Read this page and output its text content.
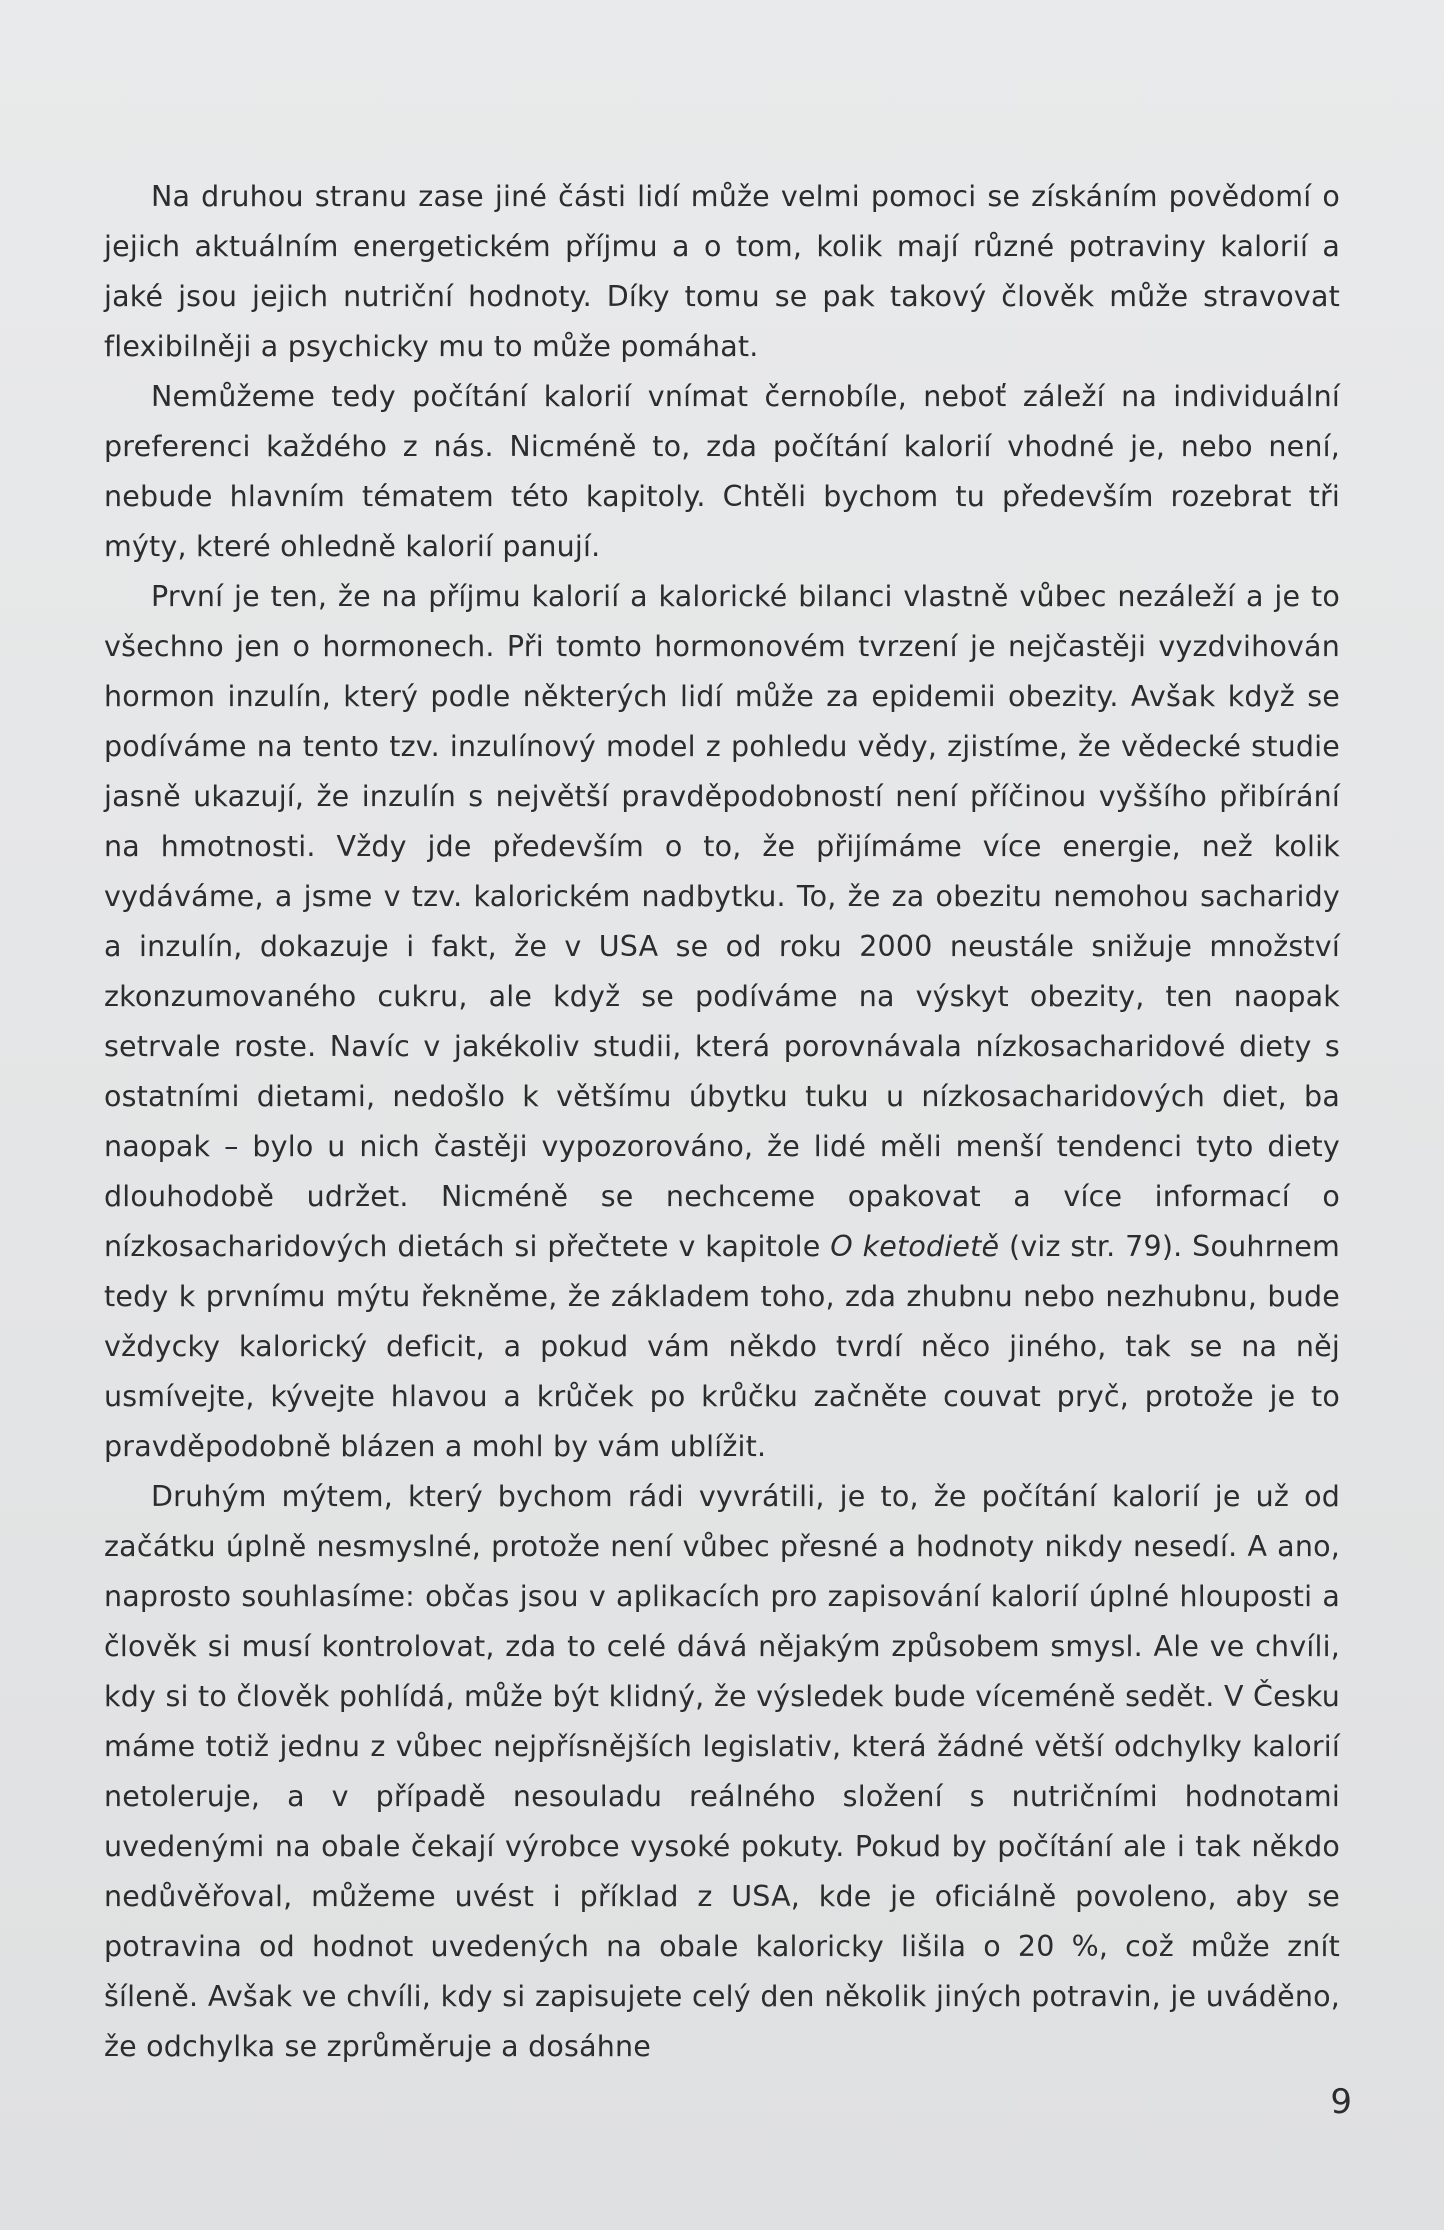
Na druhou stranu zase jiné části lidí může velmi pomoci se získáním povědomí o jejich aktuálním energetickém příjmu a o tom, kolik mají různé potraviny kalorií a jaké jsou jejich nutriční hodnoty. Díky tomu se pak takový člověk může stravovat flexibilněji a psychicky mu to může pomáhat.

Nemůžeme tedy počítání kalorií vnímat černobíle, neboť záleží na individuální preferenci každého z nás. Nicméně to, zda počítání kalorií vhodné je, nebo není, nebude hlavním tématem této kapitoly. Chtěli bychom tu především rozebrat tři mýty, které ohledně kalorií panují.

První je ten, že na příjmu kalorií a kalorické bilanci vlastně vůbec nezáleží a je to všechno jen o hormonech. Při tomto hormonovém tvrzení je nejčastěji vyzdvihován hormon inzulín, který podle některých lidí může za epidemii obezity. Avšak když se podíváme na tento tzv. inzulínový model z pohledu vědy, zjistíme, že vědecké studie jasně ukazují, že inzulín s největší pravděpodobností není příčinou vyššího přibírání na hmotnosti. Vždy jde především o to, že přijímáme více energie, než kolik vydáváme, a jsme v tzv. kalorickém nadbytku. To, že za obezitu nemohou sacharidy a inzulín, dokazuje i fakt, že v USA se od roku 2000 neustále snižuje množství zkonzumovaného cukru, ale když se podíváme na výskyt obezity, ten naopak setrvale roste. Navíc v jakékoliv studii, která porovnávala nízkosacharidové diety s ostatními dietami, nedošlo k většímu úbytku tuku u nízkosacharidových diet, ba naopak – bylo u nich častěji vypozorováno, že lidé měli menší tendenci tyto diety dlouhodobě udržet. Nicméně se nechceme opakovat a více informací o nízkosacharidových dietách si přečtete v kapitole O ketodietě (viz str. 79). Souhrnem tedy k prvnímu mýtu řekněme, že základem toho, zda zhubnu nebo nezhubnu, bude vždycky kalorický deficit, a pokud vám někdo tvrdí něco jiného, tak se na něj usmívejte, kývejte hlavou a krůček po krůčku začněte couvat pryč, protože je to pravděpodobně blázen a mohl by vám ublížit.

Druhým mýtem, který bychom rádi vyvrátili, je to, že počítání kalorií je už od začátku úplně nesmyslné, protože není vůbec přesné a hodnoty nikdy nesedí. A ano, naprosto souhlasíme: občas jsou v aplikacích pro zapisování kalorií úplné hlouposti a člověk si musí kontrolovat, zda to celé dává nějakým způsobem smysl. Ale ve chvíli, kdy si to člověk pohlídá, může být klidný, že výsledek bude víceméně sedět. V Česku máme totiž jednu z vůbec nejpřísnějších legislativ, která žádné větší odchylky kalorií netoleruje, a v případě nesouladu reálného složení s nutričními hodnotami uvedenými na obale čekají výrobce vysoké pokuty. Pokud by počítání ale i tak někdo nedůvěřoval, můžeme uvést i příklad z USA, kde je oficiálně povoleno, aby se potravina od hodnot uvedených na obale kaloricky lišila o 20 %, což může znít šíleně. Avšak ve chvíli, kdy si zapisujete celý den několik jiných potravin, je uváděno, že odchylka se zprůměruje a dosáhne

9
